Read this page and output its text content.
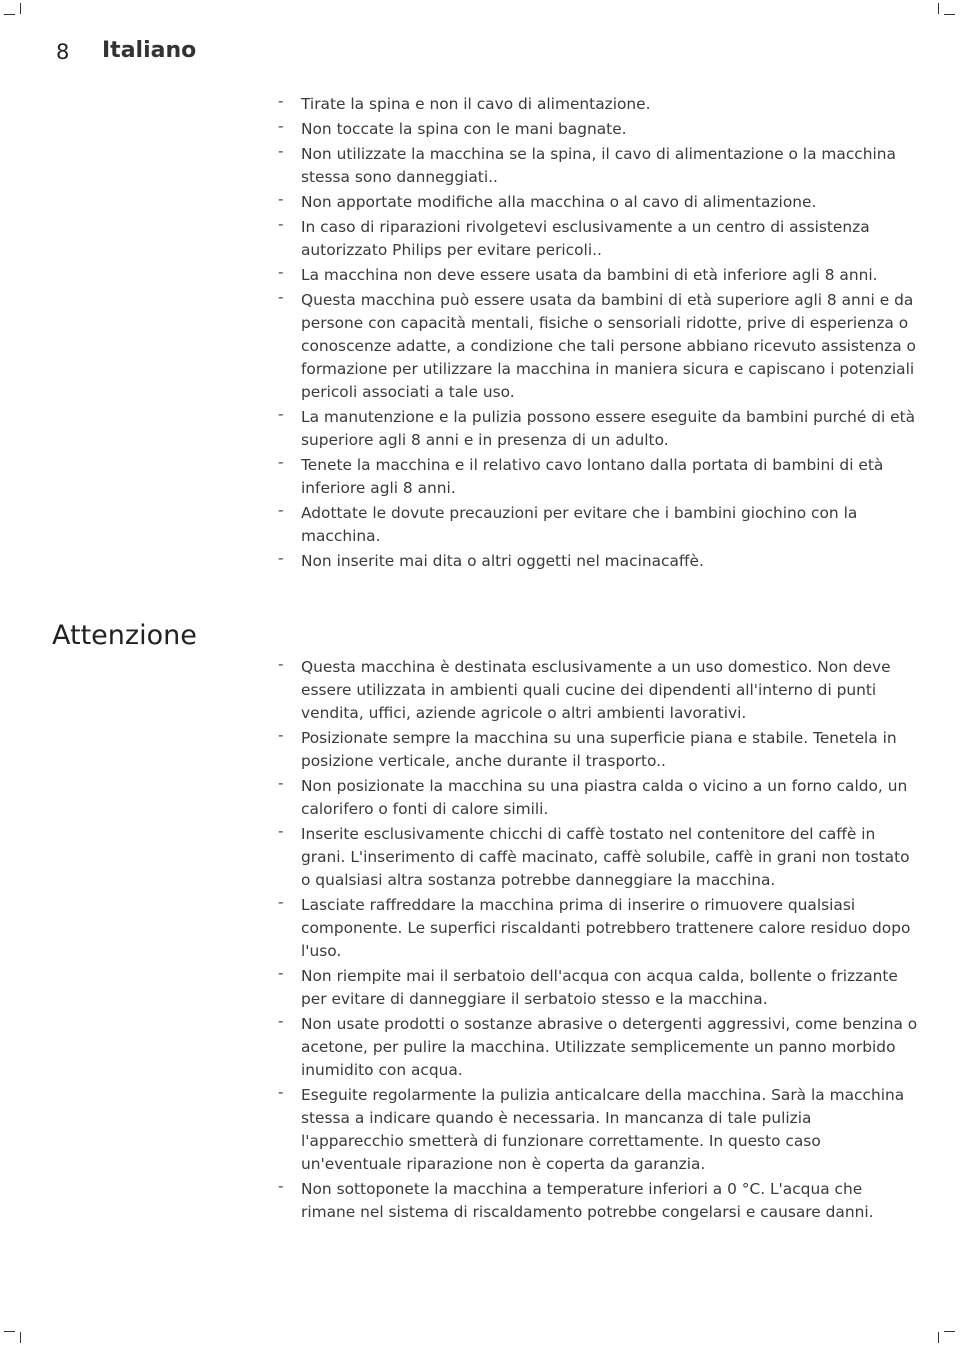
8 Italiano
- Tirate la spina e non il cavo di alimentazione.
- Non toccate la spina con le mani bagnate.
- Non utilizzate la macchina se la spina, il cavo di alimentazione o la macchina stessa sono danneggiati..
- Non apportate modifiche alla macchina o al cavo di alimentazione.
- In caso di riparazioni rivolgetevi esclusivamente a un centro di assistenza autorizzato Philips per evitare pericoli..
- La macchina non deve essere usata da bambini di età inferiore agli 8 anni.
- Questa macchina può essere usata da bambini di età superiore agli 8 anni e da persone con capacità mentali, fisiche o sensoriali ridotte, prive di esperienza o conoscenze adatte, a condizione che tali persone abbiano ricevuto assistenza o formazione per utilizzare la macchina in maniera sicura e capiscano i potenziali pericoli associati a tale uso.
- La manutenzione e la pulizia possono essere eseguite da bambini purché di età superiore agli 8 anni e in presenza di un adulto.
- Tenete la macchina e il relativo cavo lontano dalla portata di bambini di età inferiore agli 8 anni.
- Adottate le dovute precauzioni per evitare che i bambini giochino con la macchina.
- Non inserite mai dita o altri oggetti nel macinacaffè.
Attenzione
- Questa macchina è destinata esclusivamente a un uso domestico. Non deve essere utilizzata in ambienti quali cucine dei dipendenti all'interno di punti vendita, uffici, aziende agricole o altri ambienti lavorativi.
- Posizionate sempre la macchina su una superficie piana e stabile. Tenetela in posizione verticale, anche durante il trasporto..
- Non posizionate la macchina su una piastra calda o vicino a un forno caldo, un calorifero o fonti di calore simili.
- Inserite esclusivamente chicchi di caffè tostato nel contenitore del caffè in grani. L'inserimento di caffè macinato, caffè solubile, caffè in grani non tostato o qualsiasi altra sostanza potrebbe danneggiare la macchina.
- Lasciate raffreddare la macchina prima di inserire o rimuovere qualsiasi componente. Le superfici riscaldanti potrebbero trattenere calore residuo dopo l'uso.
- Non riempite mai il serbatoio dell'acqua con acqua calda, bollente o frizzante per evitare di danneggiare il serbatoio stesso e la macchina.
- Non usate prodotti o sostanze abrasive o detergenti aggressivi, come benzina o acetone, per pulire la macchina. Utilizzate semplicemente un panno morbido inumidito con acqua.
- Eseguite regolarmente la pulizia anticalcare della macchina. Sarà la macchina stessa a indicare quando è necessaria. In mancanza di tale pulizia l'apparecchio smetterà di funzionare correttamente. In questo caso un'eventuale riparazione non è coperta da garanzia.
- Non sottoponete la macchina a temperature inferiori a 0 °C. L'acqua che rimane nel sistema di riscaldamento potrebbe congelarsi e causare danni.
